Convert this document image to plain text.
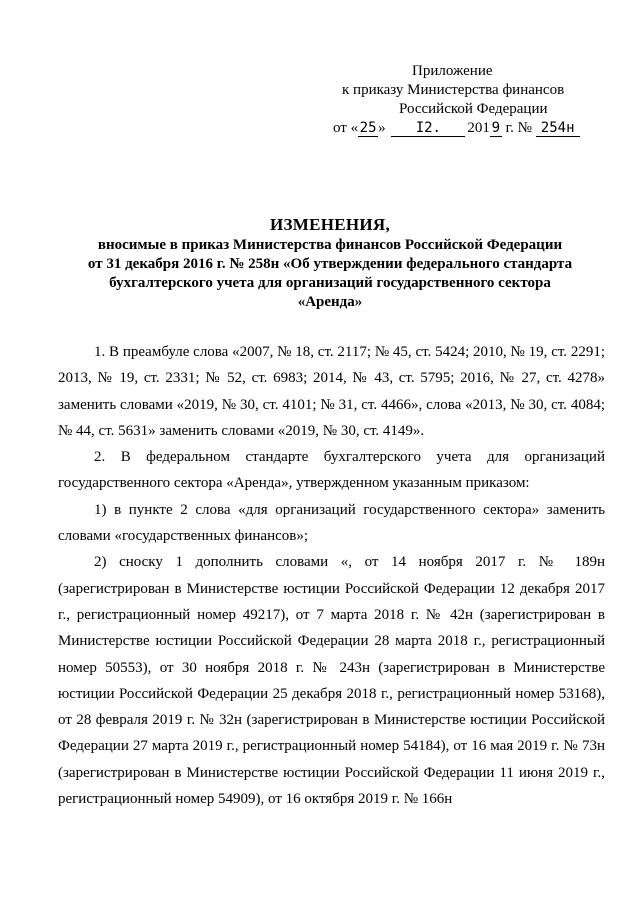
Приложение
к приказу Министерства финансов
Российской Федерации
от « 25 » I2. 201 9 г. № 254н
ИЗМЕНЕНИЯ,
вносимые в приказ Министерства финансов Российской Федерации
от 31 декабря 2016 г. № 258н «Об утверждении федерального стандарта
бухгалтерского учета для организаций государственного сектора
«Аренда»

1. В преамбуле слова «2007, № 18, ст. 2117; № 45, ст. 5424; 2010, № 19, ст. 2291; 2013, № 19, ст. 2331; № 52, ст. 6983; 2014, № 43, ст. 5795; 2016, № 27, ст. 4278» заменить словами «2019, № 30, ст. 4101; № 31, ст. 4466», слова «2013, № 30, ст. 4084; № 44, ст. 5631» заменить словами «2019, № 30, ст. 4149».

2. В федеральном стандарте бухгалтерского учета для организаций государственного сектора «Аренда», утвержденном указанным приказом:

1) в пункте 2 слова «для организаций государственного сектора» заменить словами «государственных финансов»;

2) сноску 1 дополнить словами «, от 14 ноября 2017 г. № 189н (зарегистрирован в Министерстве юстиции Российской Федерации 12 декабря 2017 г., регистрационный номер 49217), от 7 марта 2018 г. № 42н (зарегистрирован в Министерстве юстиции Российской Федерации 28 марта 2018 г., регистрационный номер 50553), от 30 ноября 2018 г. № 243н (зарегистрирован в Министерстве юстиции Российской Федерации 25 декабря 2018 г., регистрационный номер 53168), от 28 февраля 2019 г. № 32н (зарегистрирован в Министерстве юстиции Российской Федерации 27 марта 2019 г., регистрационный номер 54184), от 16 мая 2019 г. № 73н (зарегистрирован в Министерстве юстиции Российской Федерации 11 июня 2019 г., регистрационный номер 54909), от 16 октября 2019 г. № 166н
